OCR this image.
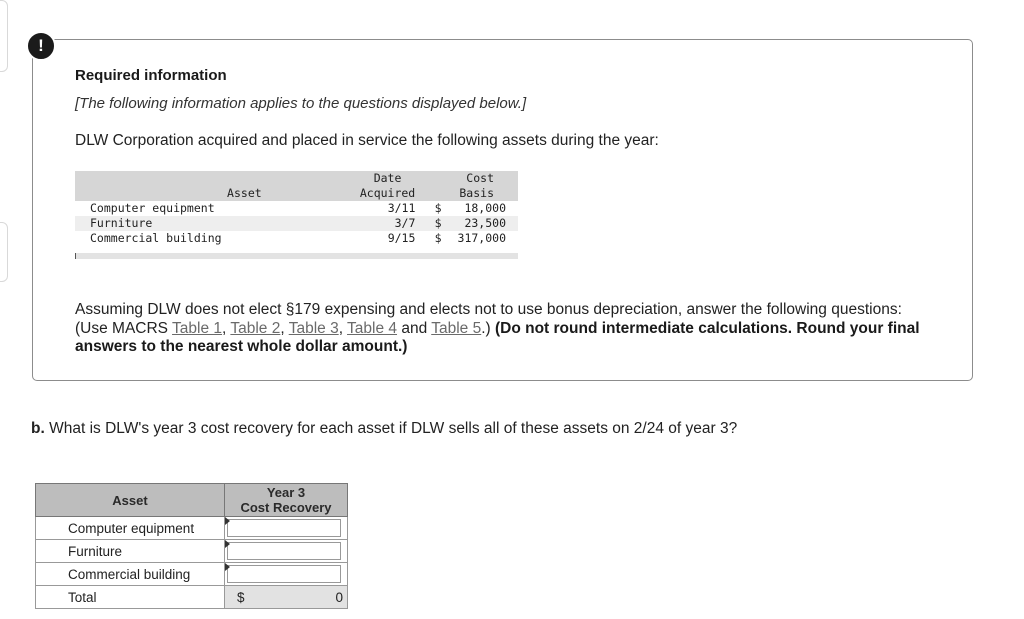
!
Required information
[The following information applies to the questions displayed below.]
DLW Corporation acquired and placed in service the following assets during the year:
	Date		Cost
Asset	Acquired		Basis
Computer equipment	3/11	$	18,000
Furniture	3/7	$	23,500
Commercial building	9/15	$	317,000
Assuming DLW does not elect §179 expensing and elects not to use bonus depreciation, answer the following questions:
(Use MACRS Table 1, Table 2, Table 3, Table 4 and Table 5.) (Do not round intermediate calculations. Round your final answers to the nearest whole dollar amount.)
b. What is DLW's year 3 cost recovery for each asset if DLW sells all of these assets on 2/24 of year 3?
Asset	Year 3
Cost Recovery
Computer equipment	

Furniture	

Commercial building	

Total	$ 0
